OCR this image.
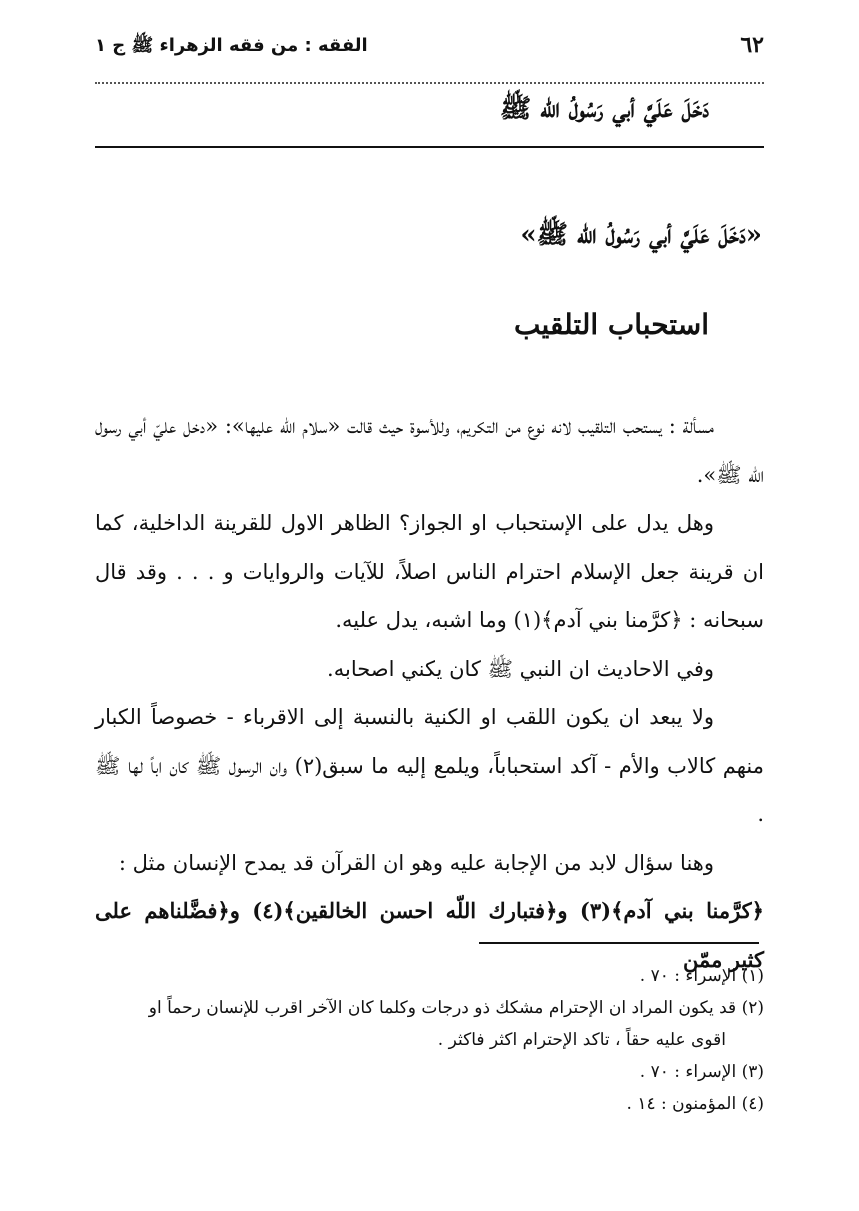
٦٢
الفقه : من فقه الزهراء ﷺ ج ١
دَخَلَ عَلَيَّ أبي رَسُولُ اللّه ﷺ
«دَخَلَ عَلَيَّ أبي رَسُولُ اللّه ﷺ»
استحباب التلقيب

مسألة : يستحب التلقيب لانه نوع من التكريم، وللأسوة حيث قالت «سلام اللّه عليها»: «دخل عليّ أبي رسول اللّه ﷺ».

وهل يدل على الإستحباب او الجواز؟ الظاهر الاول للقرينة الداخلية، كما ان قرينة جعل الإسلام احترام الناس اصلاً، للآيات والروايات و . . . وقد قال سبحانه : ﴿كرَّمنا بني آدم﴾(١) وما اشبه، يدل عليه.

وفي الاحاديث ان النبي ﷺ كان يكني اصحابه.

ولا يبعد ان يكون اللقب او الكنية بالنسبة إلى الاقرباء - خصوصاً الكبار منهم كالاب والأم - آكد استحباباً، ويلمع إليه ما سبق(٢) وان الرسول ﷺ كان اباً لها ﷺ .

وهنا سؤال لابد من الإجابة عليه وهو ان القرآن قد يمدح الإنسان مثل :

﴿كرَّمنا بني آدم﴾(٣) و﴿فتبارك اللّه احسن الخالقين﴾(٤) و﴿فضَّلناهم على كثير ممّن

(١) الإسراء : ٧٠ .

(٢) قد يكون المراد ان الإحترام مشكك ذو درجات وكلما كان الآخر اقرب للإنسان رحماً او

اقوى عليه حقاً ، تاكد الإحترام اكثر فاكثر .

(٣) الإسراء : ٧٠ .

(٤) المؤمنون : ١٤ .
